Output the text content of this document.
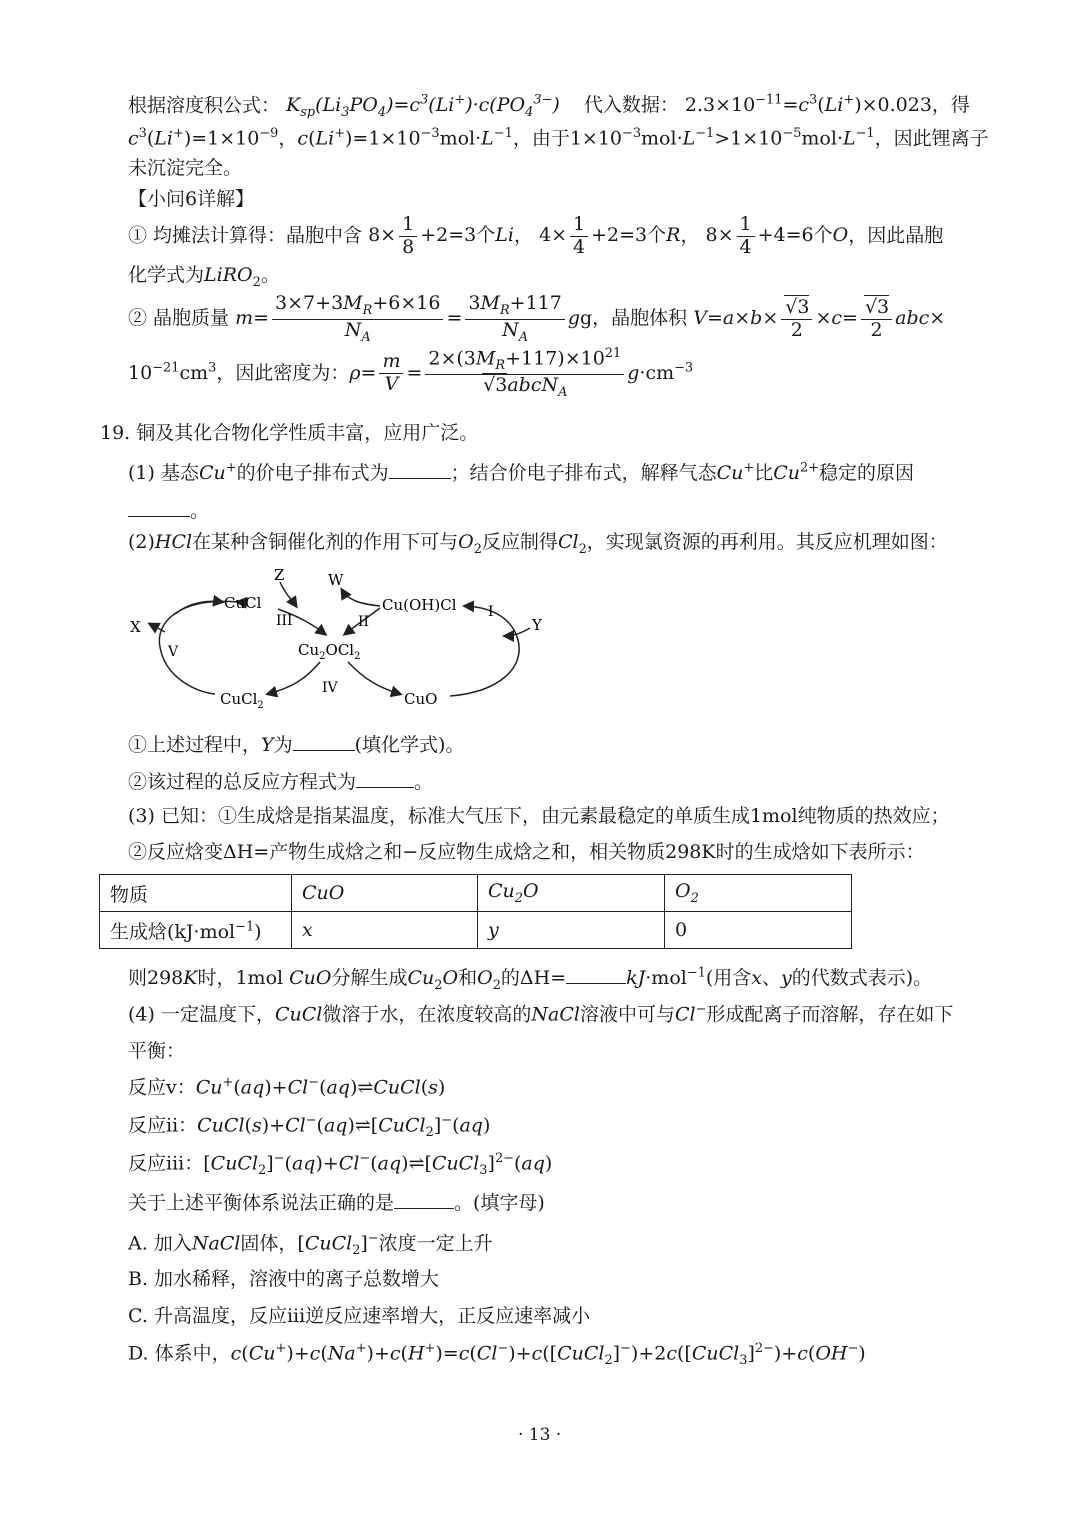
根据溶度积公式： $K_{sp}(Li_3PO_4)=c^3(Li^+)\cdot c(PO_4^{3-})$ 代入数据： $2.3\times 10^{-11}=c^3(Li^+)\times 0.023$，得
$c^3(Li^+)=1\times 10^{-9}$，$c(Li^+)=1\times 10^{-3}mol\cdot L^{-1}$，由于$1\times 10^{-3}mol\cdot L^{-1}>1\times 10^{-5}mol\cdot L^{-1}$，因此锂离子
未沉淀完全。
【小问6详解】
① 均摊法计算得：晶胞中含 $8\times \frac{1}{8} +2=3$个Li， $4\times \frac{1}{4} +2=3$个R， $8\times \frac{1}{4} +4=6$个O，因此晶胞
化学式为LiRO$_2$。
② 晶胞质量 $m= \frac{3\times 7+3M_R+6\times 16}{N_A} = \frac{3M_R+117}{N_A}$ gg，晶胞体积 $V=a\times b\times \frac{√3}{2} \times c= \frac{√3}{2} abc\times$
$10^{-21}cm^3$，因此密度为：$\rho= \frac{m}{V} = \frac{2\times(3M_R+117)\times 10^{21}}{√3abcN_A} g\cdot cm^{-3}$
19. 铜及其化合物化学性质丰富，应用广泛。
(1) 基态Cu+的价电子排布式为	；结合价电子排布式，解释气态Cu+比$Cu^{2+}$稳定的原因
。
(2)HCl在某种含铜催化剂的作用下可与$O_2$反应制得$Cl_2$，实现氯资源的再利用。其反应机理如图：
CuCl	Cu(OH)Cl
$Cu_2OCl_2$
CuCl$_2$	CuO
X	Y
Z	W
I
II
III
IV
V
①上述过程中，Y为	(填化学式)。
②该过程的总反应方程式为	。
(3) 已知：①生成焓是指某温度，标准大气压下，由元素最稳定的单质生成1mol纯物质的热效应；
②反应焓变ΔH=产物生成焓之和−反应物生成焓之和，相关物质298K时的生成焓如下表所示：
物质	CuO	$Cu_2O$	$O_2$
生成焓(kJ·mol$^{-1}$)	x	y	0
则298K时，1mol CuO分解生成$Cu_2O$和$O_2$的ΔH=	kJ·mol$^{-1}$(用含x、y的代数式表示)。
(4) 一定温度下，CuCl微溶于水，在浓度较高的NaCl溶液中可与Cl−形成配离子而溶解，存在如下
平衡：
反应ⅴ：Cu+(aq)+Cl−(aq)⇌CuCl(s)
反应ⅱ：CuCl(s)+Cl−(aq)⇌[CuCl$_2$]−(aq)
反应ⅲ：[CuCl$_2$]−(aq)+Cl−(aq)⇌[CuCl$_3$]$^{2-}$(aq)
关于上述平衡体系说法正确的是	。(填字母)
A. 加入NaCl固体，[CuCl$_2$]−浓度一定上升
B. 加水稀释，溶液中的离子总数增大
C. 升高温度，反应ⅲ逆反应速率增大，正反应速率减小
D. 体系中，c(Cu+)+c(Na+)+c(H+)=c(Cl−)+c([CuCl$_2$]−)+2c([CuCl$_3$]$^{2-}$)+c(OH−)
· 13 ·
